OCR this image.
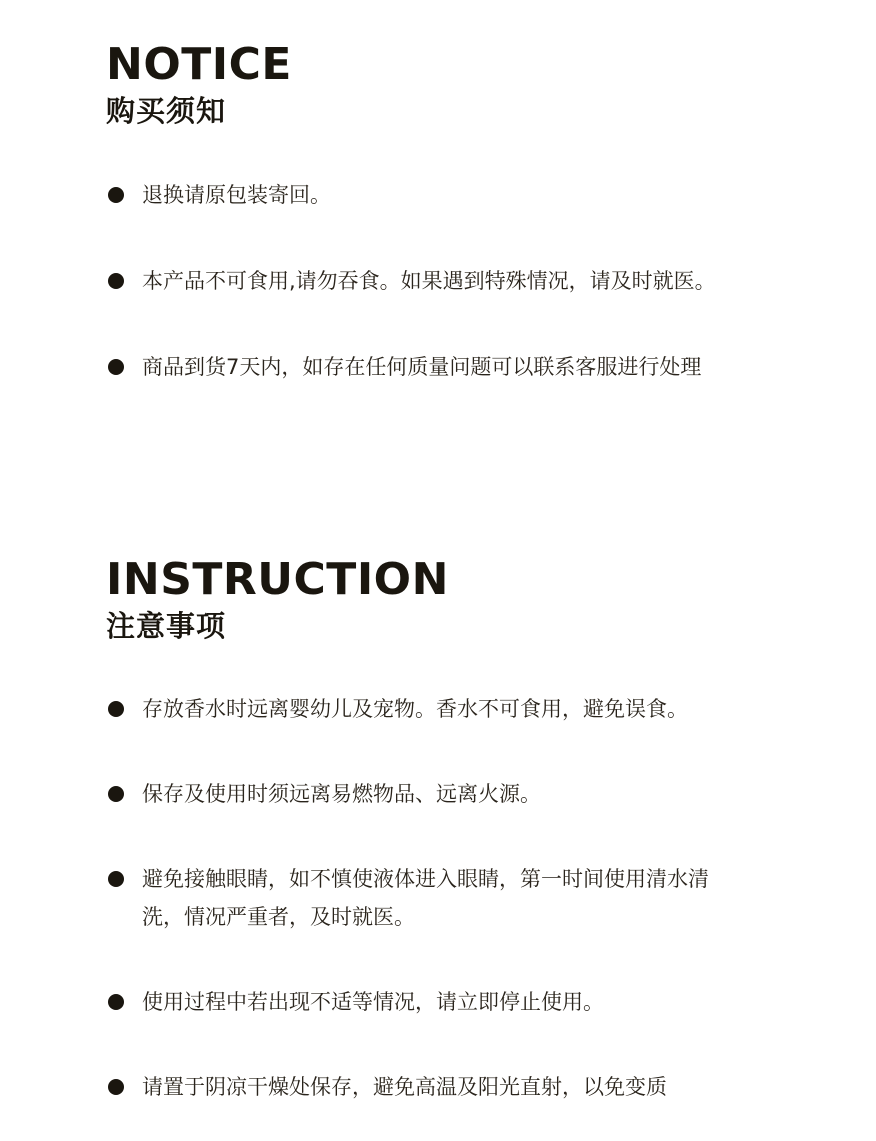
NOTICE
购买须知
退换请原包装寄回。
本产品不可食用,请勿吞食。如果遇到特殊情况，请及时就医。
商品到货7天内，如存在任何质量问题可以联系客服进行处理
INSTRUCTION
注意事项
存放香水时远离婴幼儿及宠物。香水不可食用，避免误食。
保存及使用时须远离易燃物品、远离火源。
避免接触眼睛，如不慎使液体进入眼睛，第一时间使用清水清洗，情况严重者，及时就医。
使用过程中若出现不适等情况，请立即停止使用。
请置于阴凉干燥处保存，避免高温及阳光直射，以免变质
